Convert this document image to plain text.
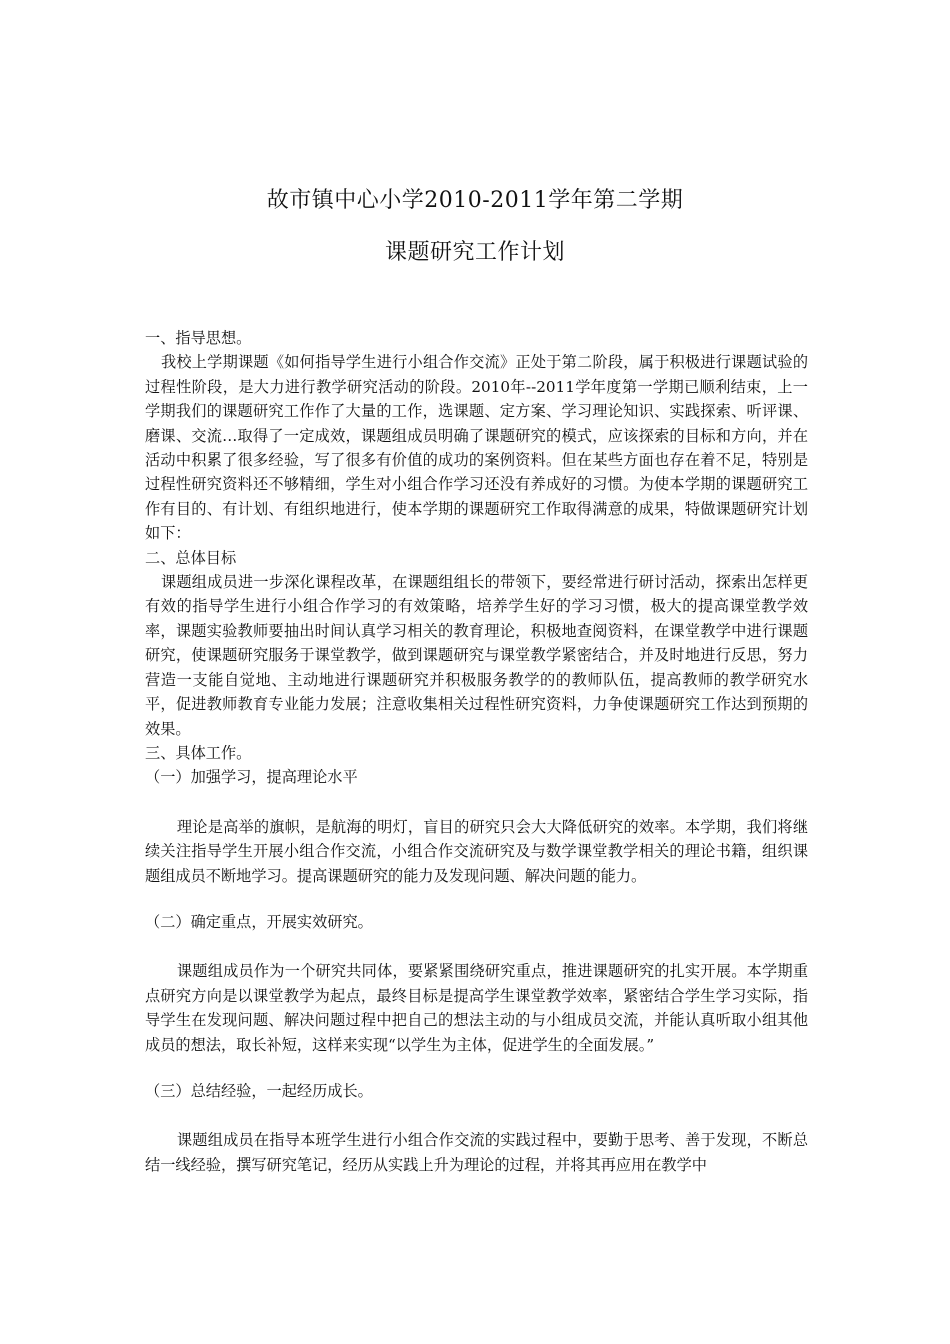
故市镇中心小学2010-2011学年第二学期
课题研究工作计划

一、指导思想。

我校上学期课题《如何指导学生进行小组合作交流》正处于第二阶段，属于积极进行课题试验的过程性阶段，是大力进行教学研究活动的阶段。2010年--2011学年度第一学期已顺利结束，上一学期我们的课题研究工作作了大量的工作，选课题、定方案、学习理论知识、实践探索、听评课、磨课、交流…取得了一定成效，课题组成员明确了课题研究的模式，应该探索的目标和方向，并在活动中积累了很多经验，写了很多有价值的成功的案例资料。但在某些方面也存在着不足，特别是过程性研究资料还不够精细，学生对小组合作学习还没有养成好的习惯。为使本学期的课题研究工作有目的、有计划、有组织地进行，使本学期的课题研究工作取得满意的成果，特做课题研究计划如下：

二、总体目标

课题组成员进一步深化课程改革，在课题组组长的带领下，要经常进行研讨活动，探索出怎样更有效的指导学生进行小组合作学习的有效策略，培养学生好的学习习惯，极大的提高课堂教学效率，课题实验教师要抽出时间认真学习相关的教育理论，积极地查阅资料，在课堂教学中进行课题研究，使课题研究服务于课堂教学，做到课题研究与课堂教学紧密结合，并及时地进行反思，努力营造一支能自觉地、主动地进行课题研究并积极服务教学的的教师队伍，提高教师的教学研究水平，促进教师教育专业能力发展；注意收集相关过程性研究资料，力争使课题研究工作达到预期的效果。

三、具体工作。

（一）加强学习，提高理论水平

理论是高举的旗帜，是航海的明灯，盲目的研究只会大大降低研究的效率。本学期，我们将继续关注指导学生开展小组合作交流，小组合作交流研究及与数学课堂教学相关的理论书籍，组织课题组成员不断地学习。提高课题研究的能力及发现问题、解决问题的能力。

（二）确定重点，开展实效研究。

课题组成员作为一个研究共同体，要紧紧围绕研究重点，推进课题研究的扎实开展。本学期重点研究方向是以课堂教学为起点，最终目标是提高学生课堂教学效率，紧密结合学生学习实际，指导学生在发现问题、解决问题过程中把自己的想法主动的与小组成员交流，并能认真听取小组其他成员的想法，取长补短，这样来实现“以学生为主体，促进学生的全面发展。”

（三）总结经验，一起经历成长。

课题组成员在指导本班学生进行小组合作交流的实践过程中，要勤于思考、善于发现，不断总结一线经验，撰写研究笔记，经历从实践上升为理论的过程，并将其再应用在教学中
